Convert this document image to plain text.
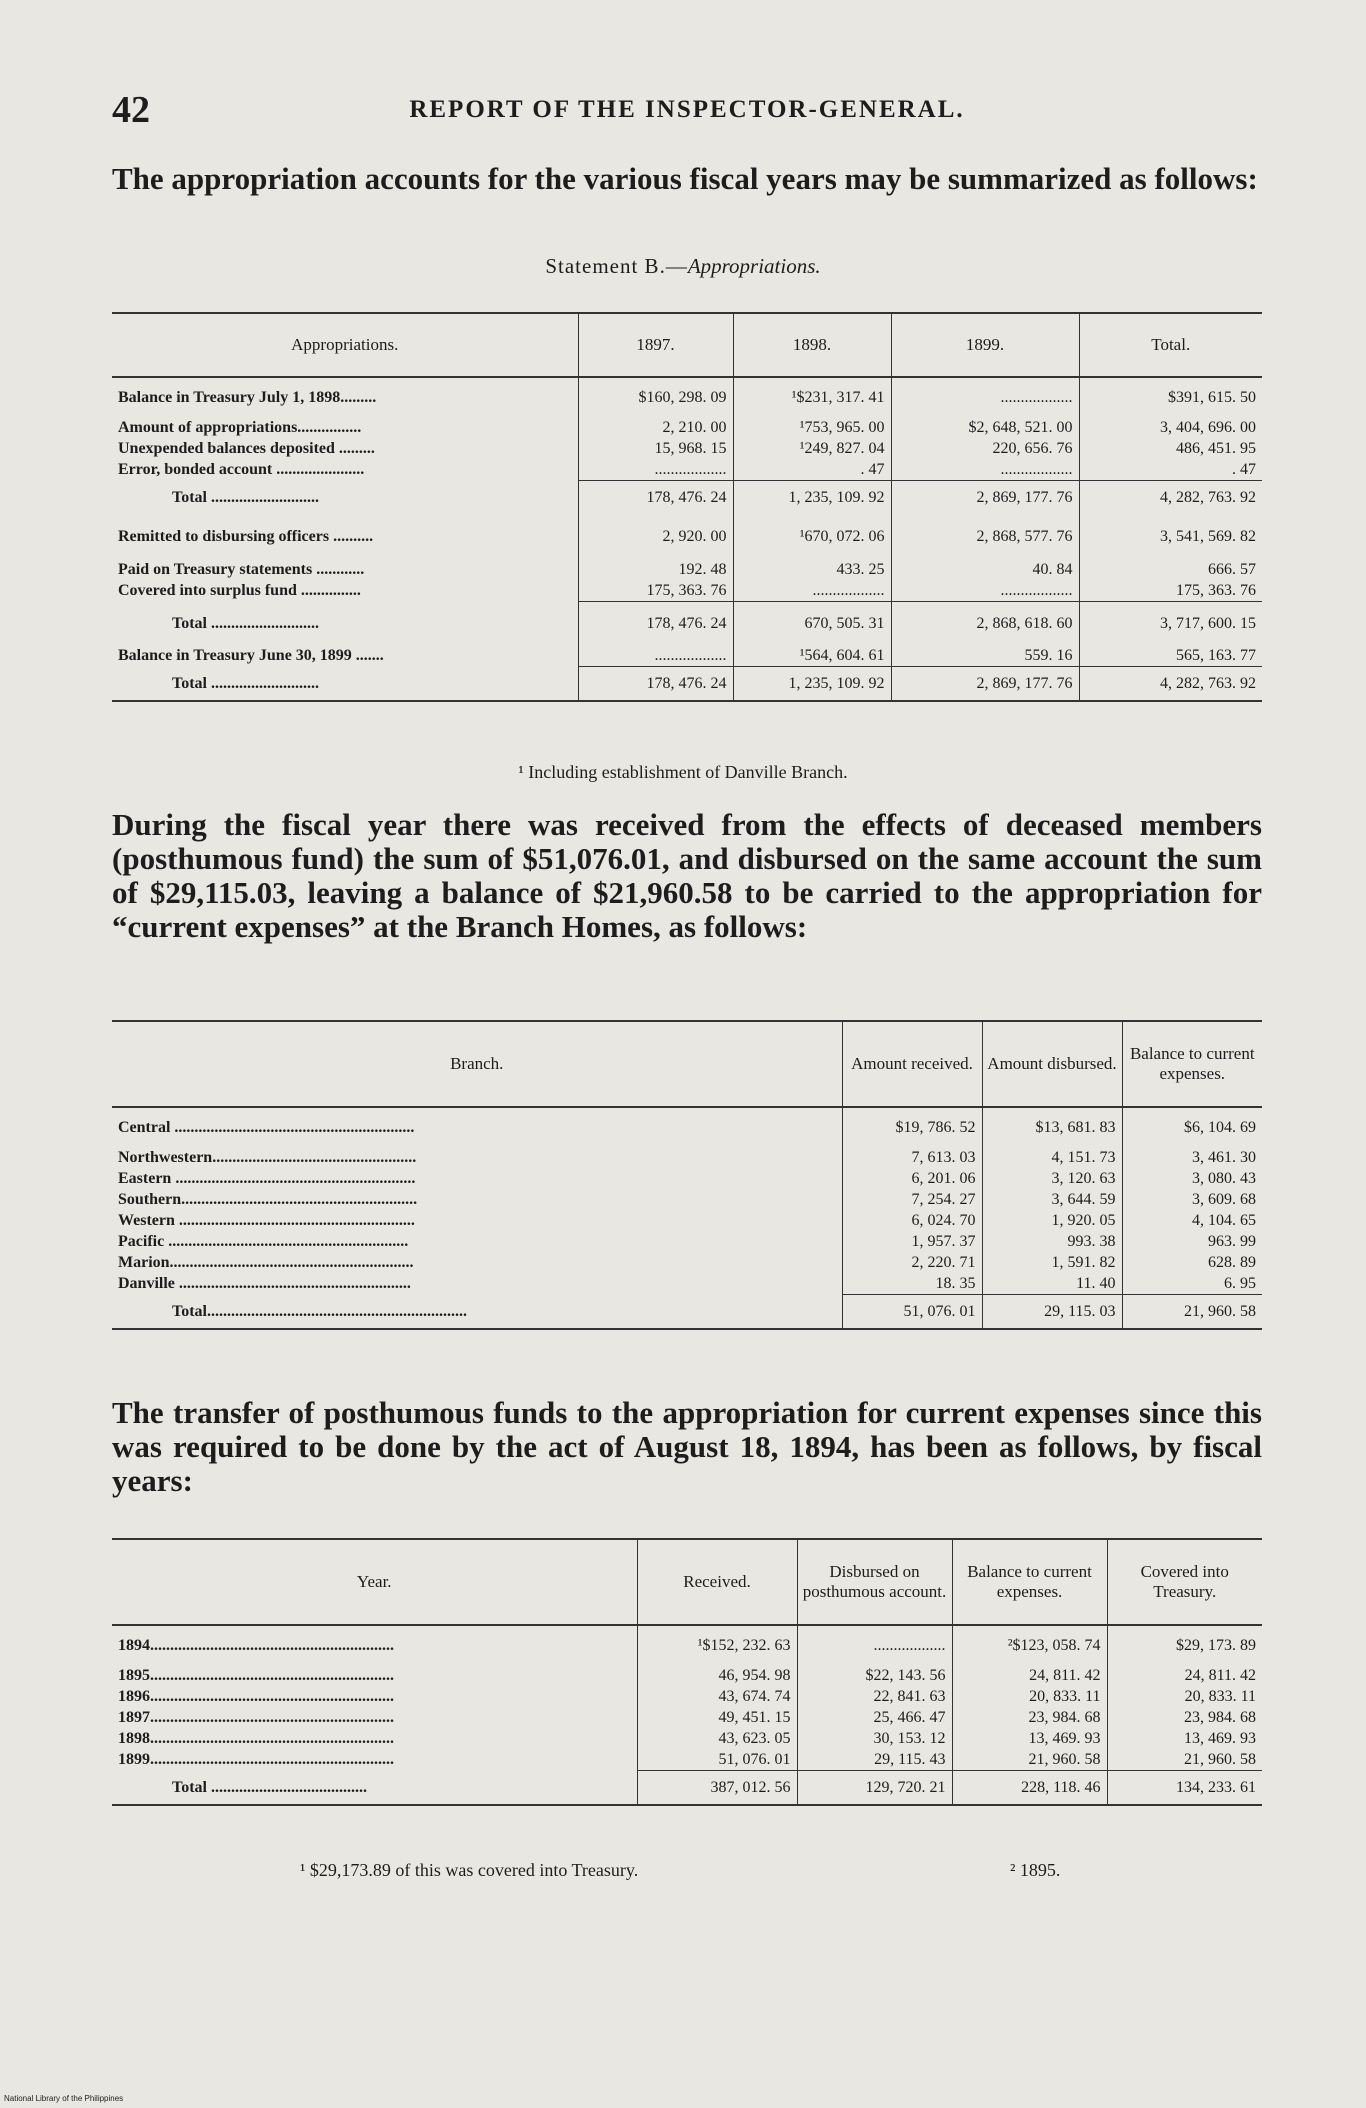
42	REPORT OF THE INSPECTOR-GENERAL.
The appropriation accounts for the various fiscal years may be summarized as follows:
Statement B.—Appropriations.
Appropriations.	1897.	1898.	1899.	Total.
Balance in Treasury July 1, 1898.........	$160, 298. 09	¹$231, 317. 41	..................	$391, 615. 50
Amount of appropriations................	2, 210. 00	¹753, 965. 00	$2, 648, 521. 00	3, 404, 696. 00
Unexpended balances deposited .........	15, 968. 15	¹249, 827. 04	220, 656. 76	486, 451. 95
Error, bonded account ......................	..................	. 47	..................	. 47
Total ...........................	178, 476. 24	1, 235, 109. 92	2, 869, 177. 76	4, 282, 763. 92
Remitted to disbursing officers ..........	2, 920. 00	¹670, 072. 06	2, 868, 577. 76	3, 541, 569. 82
Paid on Treasury statements ............	192. 48	433. 25	40. 84	666. 57
Covered into surplus fund ...............	175, 363. 76	..................	..................	175, 363. 76
Total ...........................	178, 476. 24	670, 505. 31	2, 868, 618. 60	3, 717, 600. 15
Balance in Treasury June 30, 1899 .......	..................	¹564, 604. 61	559. 16	565, 163. 77
Total ...........................	178, 476. 24	1, 235, 109. 92	2, 869, 177. 76	4, 282, 763. 92
¹ Including establishment of Danville Branch.
During the fiscal year there was received from the effects of deceased members (posthumous fund) the sum of $51,076.01, and disbursed on the same account the sum of $29,115.03, leaving a balance of $21,960.58 to be carried to the appropriation for “current expenses” at the Branch Homes, as follows:
Branch.	Amount received.	Amount disbursed.	Balance to current expenses.
Central ............................................................	$19, 786. 52	$13, 681. 83	$6, 104. 69
Northwestern...................................................	7, 613. 03	4, 151. 73	3, 461. 30
Eastern ............................................................	6, 201. 06	3, 120. 63	3, 080. 43
Southern...........................................................	7, 254. 27	3, 644. 59	3, 609. 68
Western ...........................................................	6, 024. 70	1, 920. 05	4, 104. 65
Pacific ............................................................	1, 957. 37	993. 38	963. 99
Marion.............................................................	2, 220. 71	1, 591. 82	628. 89
Danville ..........................................................	18. 35	11. 40	6. 95
Total.................................................................	51, 076. 01	29, 115. 03	21, 960. 58
The transfer of posthumous funds to the appropriation for current expenses since this was required to be done by the act of August 18, 1894, has been as follows, by fiscal years:
Year.	Received.	Disbursed on posthumous account.	Balance to current expenses.	Covered into Treasury.
1894.............................................................	¹$152, 232. 63	..................	²$123, 058. 74	$29, 173. 89
1895.............................................................	46, 954. 98	$22, 143. 56	24, 811. 42	24, 811. 42
1896.............................................................	43, 674. 74	22, 841. 63	20, 833. 11	20, 833. 11
1897.............................................................	49, 451. 15	25, 466. 47	23, 984. 68	23, 984. 68
1898.............................................................	43, 623. 05	30, 153. 12	13, 469. 93	13, 469. 93
1899.............................................................	51, 076. 01	29, 115. 43	21, 960. 58	21, 960. 58
Total .......................................	387, 012. 56	129, 720. 21	228, 118. 46	134, 233. 61
¹ $29,173.89 of this was covered into Treasury.	² 1895.
National Library of the Philippines
